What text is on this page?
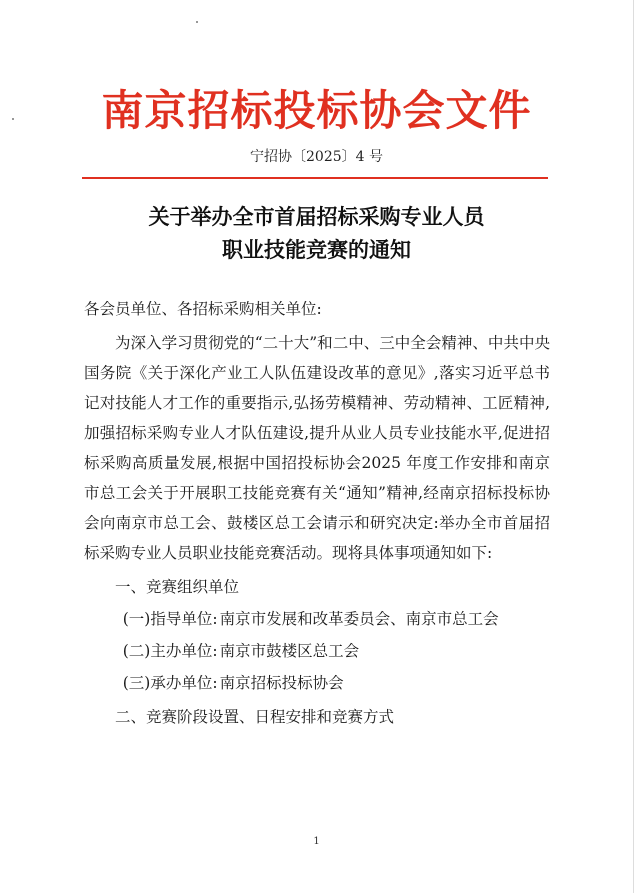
南京招标投标协会文件
宁招协〔2025〕4 号
关于举办全市首届招标采购专业人员
职业技能竞赛的通知

各会员单位、各招标采购相关单位:

为深入学习贯彻党的“二十大”和二中、三中全会精神、中共中央国务院《关于深化产业工人队伍建设改革的意见》,落实习近平总书记对技能人才工作的重要指示,弘扬劳模精神、劳动精神、工匠精神,加强招标采购专业人才队伍建设,提升从业人员专业技能水平,促进招标采购高质量发展,根据中国招投标协会2025 年度工作安排和南京市总工会关于开展职工技能竞赛有关“通知”精神,经南京招标投标协会向南京市总工会、鼓楼区总工会请示和研究决定:举办全市首届招标采购专业人员职业技能竞赛活动。现将具体事项通知如下:

一、竞赛组织单位

(一)指导单位: 南京市发展和改革委员会、南京市总工会

(二)主办单位: 南京市鼓楼区总工会

(三)承办单位: 南京招标投标协会

二、竞赛阶段设置、日程安排和竞赛方式

1
